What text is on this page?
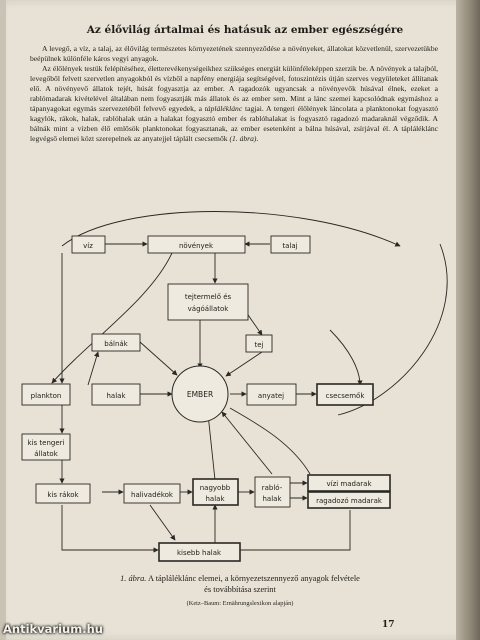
Az élővilág ártalmai és hatásuk az ember egészségére

A levegő, a víz, a talaj, az élővilág természetes környezetének szennyeződése a növényeket, állatokat közvetlenül, szervezetükbe beépülnek különféle káros vegyi anyagok.

Az élőlények testük felépítéséhez, életterevékenységeikhez szükséges energiát különféleképpen szerzik be. A növények a talajból, levegőből felvett szervetlen anyagokból és vízből a napfény energiája segítségével, fotoszintézis útján szerves vegyületeket állítanak elő. A növényevő állatok tejét, húsát fogyasztja az ember. A ragadozók ugyancsak a növényevők húsával élnek, ezeket a rablómadarak kivételével általában nem fogyasztják más állatok és az ember sem. Mint a lánc szemei kapcsolódnak egymáshoz a tápanyagokat egymás szervezetéből felvevő egyedek, a tápláléklánc tagjai. A tengeri élőlények láncolata a planktonokat fogyasztó kagylók, rákok, halak, rablóhalak után a halakat fogyasztó ember és rablóhalakat is fogyasztó ragadozó madaraknál végződik. A bálnák mint a vízben élő emlősök planktonokat fogyasztanak, az ember esetenként a bálna húsával, zsírjával él. A tápláléklánc legvégső elemei közt szerepelnek az anyatejjel táplált csecsemők (1. ábra).

víz	növények	talaj
tejtermelő és
vágóállatok
bálnák	tej
plankton	halak	EMBER	anyatej	csecsemők
kis tengeri
állatok
kis rákok	halivadékok
nagyobb
halak
rabló-
halak
vízi madarak
ragadozó madarak
kisebb halak
1. ábra. A tápláléklánc elemei, a környezetszennyező anyagok felvétele
és továbbítása szerint
(Ketz–Baum: Ernährungslexikon alapján)
17
Antikvarium.hu
